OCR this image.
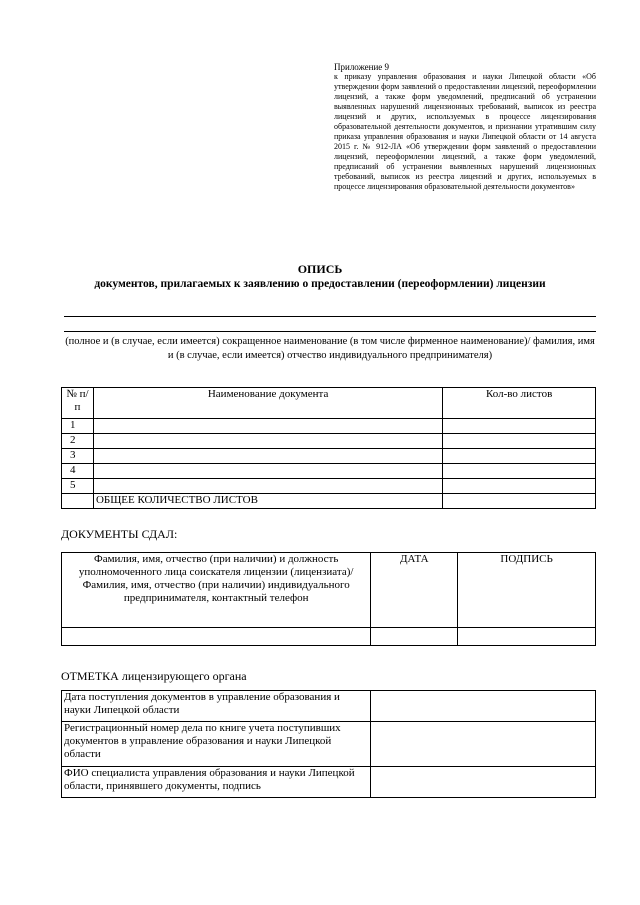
Приложение 9
к приказу управления образования и науки Липецкой области «Об утверждении форм заявлений о предоставлении лицензий, переоформлении лицензий, а также форм уведомлений, предписаний об устранении выявленных нарушений лицензионных требований, выписок из реестра лицензий и других, используемых в процессе лицензирования образовательной деятельности документов, и признании утратившим силу приказа управления образования и науки Липецкой области от 14 августа 2015 г. № 912-ЛА «Об утверждении форм заявлений о предоставлении лицензий, переоформлении лицензий, а также форм уведомлений, предписаний об устранении выявленных нарушений лицензионных требований, выписок из реестра лицензий и других, используемых в процессе лицензирования образовательной деятельности документов»
ОПИСЬ
документов, прилагаемых к заявлению о предоставлении (переоформлении) лицензии
(полное и (в случае, если имеется) сокращенное наименование (в том числе фирменное наименование)/ фамилия, имя и (в случае, если имеется) отчество индивидуального предпринимателя)
№ п/п	Наименование документа	Кол-во листов
1		
2		
3		
4		
5		
	ОБЩЕЕ КОЛИЧЕСТВО ЛИСТОВ	
ДОКУМЕНТЫ СДАЛ:
Фамилия, имя, отчество (при наличии) и должность уполномоченного лица соискателя лицензии (лицензиата)/ Фамилия, имя, отчество (при наличии) индивидуального предпринимателя, контактный телефон	ДАТА	ПОДПИСЬ

ОТМЕТКА лицензирующего органа
Дата поступления документов в управление образования и науки Липецкой области	
Регистрационный номер дела по книге учета поступивших документов в управление образования и науки Липецкой области	
ФИО специалиста управления образования и науки Липецкой области, принявшего документы, подпись	
